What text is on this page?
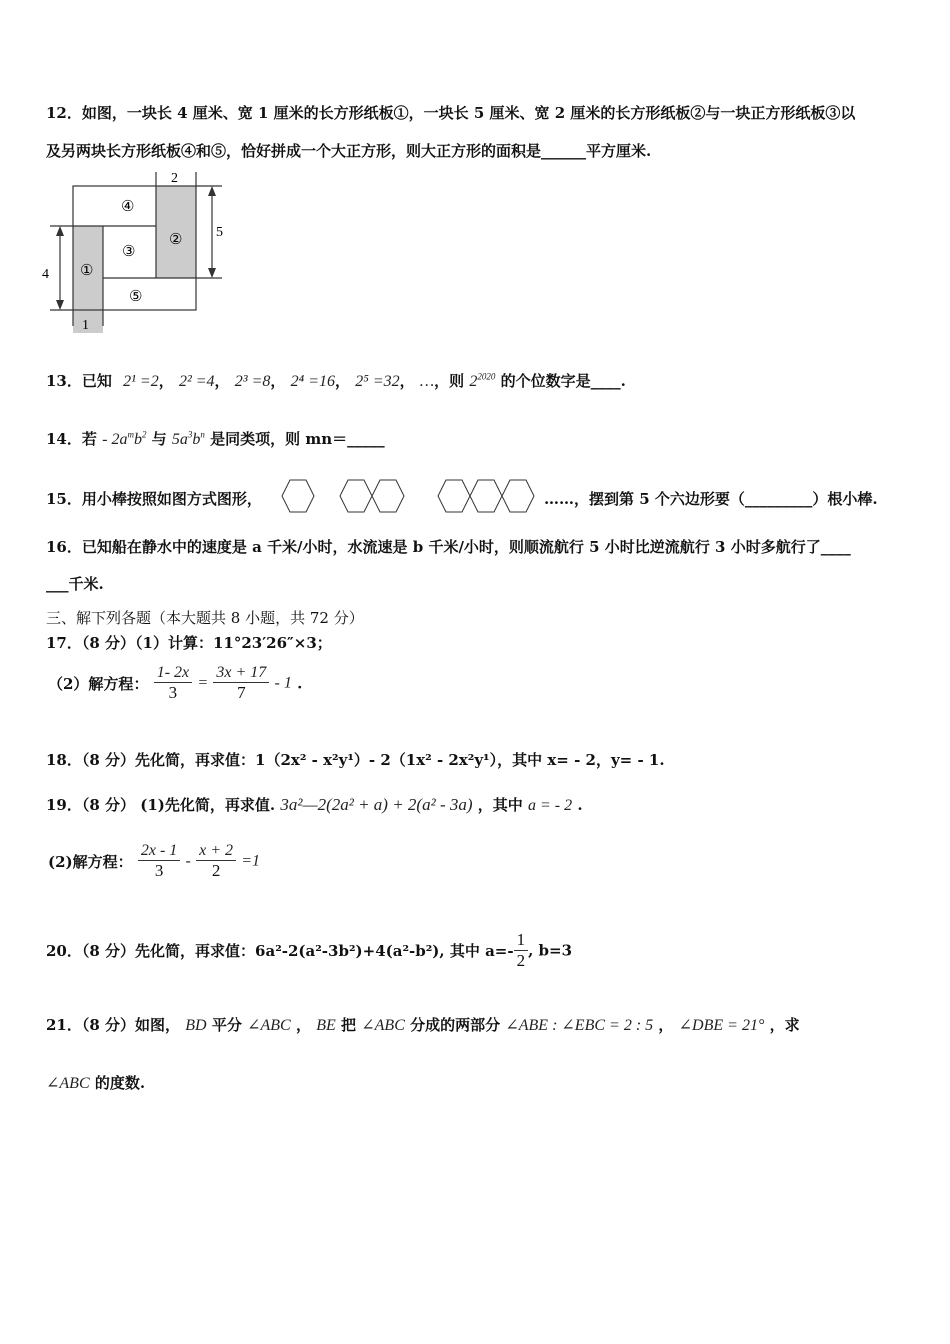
12．如图，一块长 4 厘米、宽 1 厘米的长方形纸板①，一块长 5 厘米、宽 2 厘米的长方形纸板②与一块正方形纸板③以
及另两块长方形纸板④和⑤，恰好拼成一个大正方形，则大正方形的面积是______平方厘米.
2
5
4
1
①
②
③
④
⑤
13．已知 2¹ =2， 2² =4， 2³ =8， 2⁴ =16， 2⁵ =32， …，则 $2^{2020}$ 的个位数字是____.
14．若 - $2a^mb^2$ 与 $5a^3b^n$ 是同类项，则 mn＝_____
15．用小棒按照如图方式图形，	……，摆到第 5 个六边形要（_________）根小棒.
16．已知船在静水中的速度是 a 千米/小时，水流速是 b 千米/小时，则顺流航行 5 小时比逆流航行 3 小时多航行了____
___千米.
三、解下列各题（本大题共 8 小题，共 72 分）
17．（8 分）（1）计算：11°23′26″×3；
（2）解方程： $\frac{1- 2x}{3} = \frac{3x + 17}{7} - 1$ .
18．（8 分）先化简，再求值：1（2x² - x²y¹）- 2（1x² - 2x²y¹），其中 x= - 2，y= - 1.
19．（8 分） (1)先化简，再求值. 3a²—2(2a² + a) + 2(a² - 3a) ，其中 a = - 2 .
(2)解方程： $\frac{2x - 1}{3} - \frac{x + 2}{2} =1$
20．（8 分）先化简，再求值：6a²-2(a²-3b²)+4(a²-b²), 其中 $a=- \frac{1}{2}$ , b=3
21．（8 分）如图， BD 平分 ∠ABC ， BE 把 ∠ABC 分成的两部分 ∠ABE : ∠EBC = 2 : 5 ， ∠DBE = 21° ，求
∠ABC 的度数.
